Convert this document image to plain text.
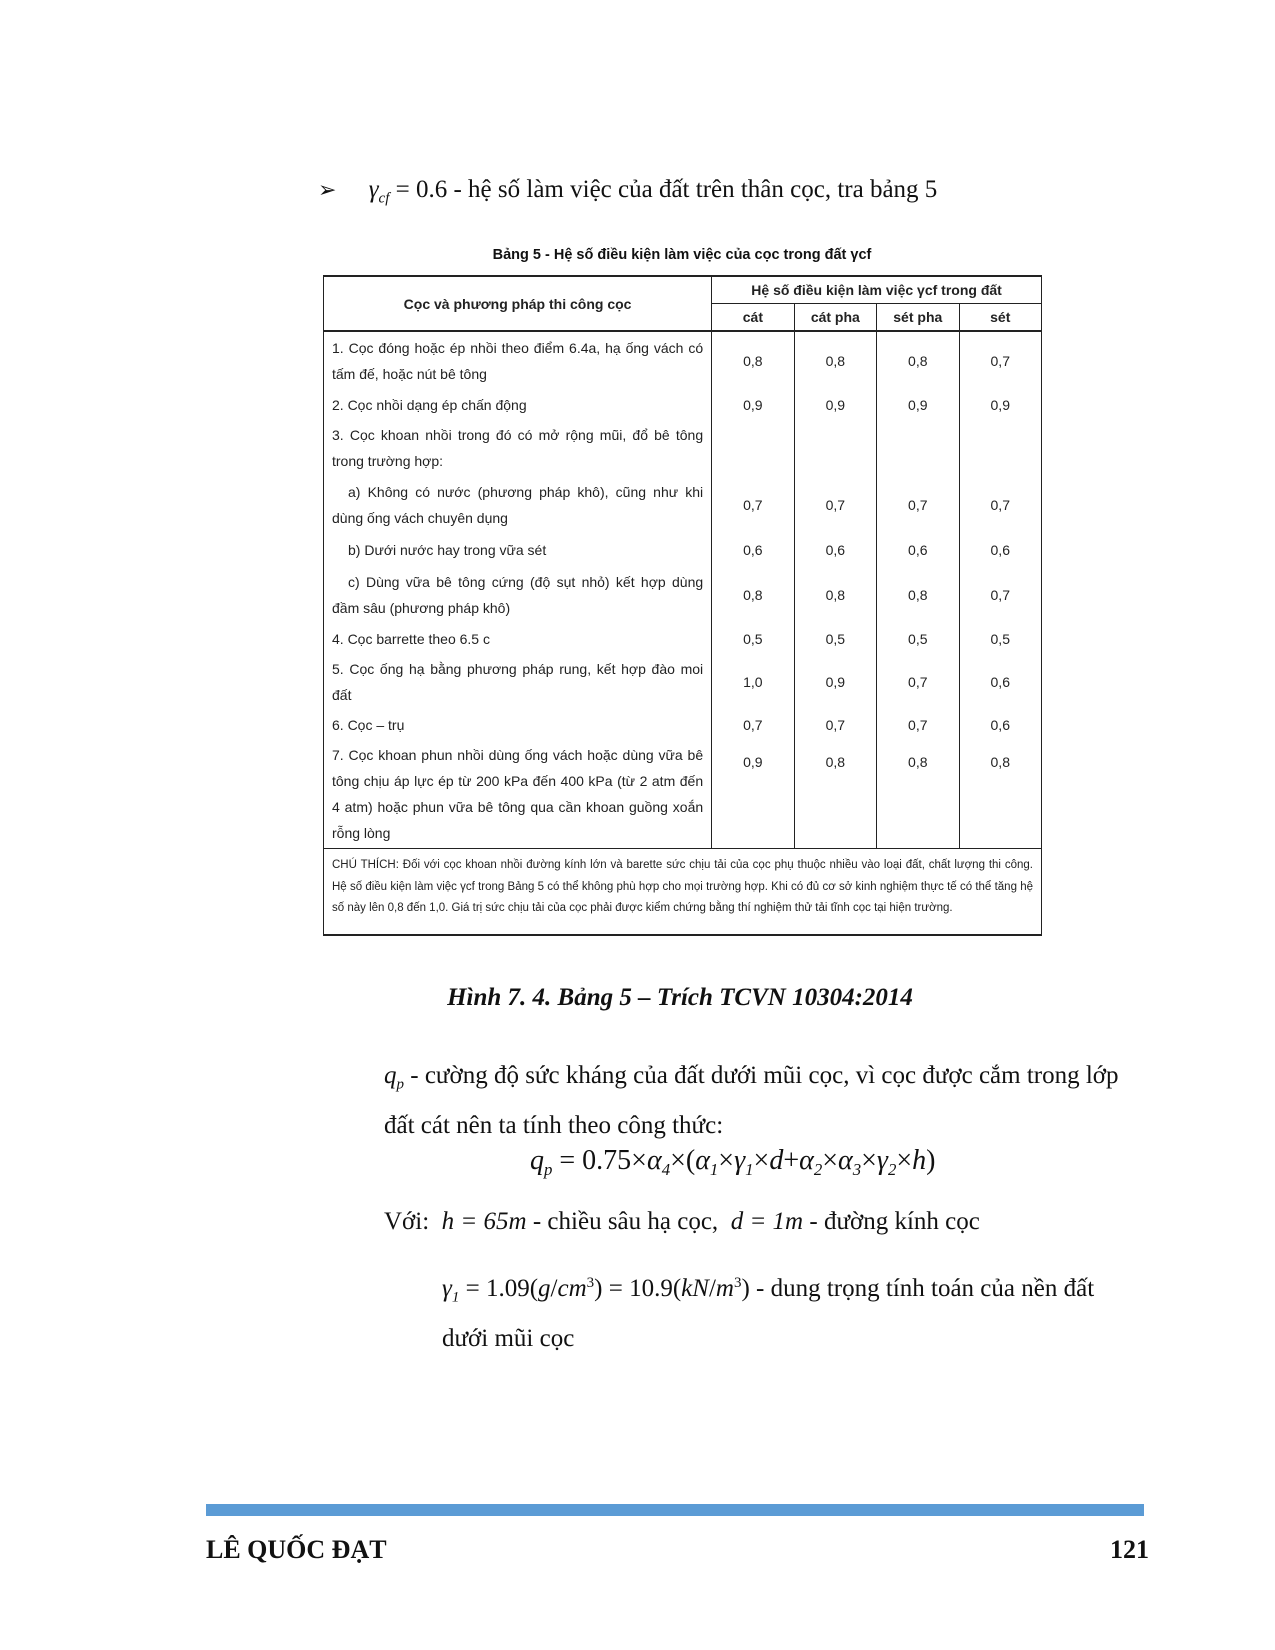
➢ $\gamma_{cf} = 0.6$ - hệ số làm việc của đất trên thân cọc, tra bảng 5
Bảng 5 - Hệ số điều kiện làm việc của cọc trong đất γcf
Cọc và phương pháp thi công cọc	Hệ số điều kiện làm việc γcf trong đất			
	cát	cát pha	sét pha	sét
1. Cọc đóng hoặc ép nhồi theo điểm 6.4a, hạ ống vách có tấm đế, hoặc nút bê tông	0,8	0,8	0,8	0,7
2. Cọc nhồi dạng ép chấn động	0,9	0,9	0,9	0,9
3. Cọc khoan nhồi trong đó có mở rộng mũi, đổ bê tông trong trường hợp:				
a) Không có nước (phương pháp khô), cũng như khi dùng ống vách chuyên dụng	0,7	0,7	0,7	0,7
b) Dưới nước hay trong vữa sét	0,6	0,6	0,6	0,6
c) Dùng vữa bê tông cứng (độ sụt nhỏ) kết hợp dùng đầm sâu (phương pháp khô)	0,8	0,8	0,8	0,7
4. Cọc barrette theo 6.5 c	0,5	0,5	0,5	0,5
5. Cọc ống hạ bằng phương pháp rung, kết hợp đào moi đất	1,0	0,9	0,7	0,6
6. Cọc – trụ	0,7	0,7	0,7	0,6
7. Cọc khoan phun nhồi dùng ống vách hoặc dùng vữa bê tông chịu áp lực ép từ 200 kPa đến 400 kPa (từ 2 atm đến 4 atm) hoặc phun vữa bê tông qua cần khoan guồng xoắn rỗng lòng	0,9	0,8	0,8	0,8
CHÚ THÍCH: Đối với cọc khoan nhồi đường kính lớn và barette sức chịu tải của cọc phụ thuộc nhiều vào loại đất, chất lượng thi công. Hệ số điều kiện làm việc γcf trong Bảng 5 có thể không phù hợp cho mọi trường hợp. Khi có đủ cơ sở kinh nghiệm thực tế có thể tăng hệ số này lên 0,8 đến 1,0. Giá trị sức chịu tải của cọc phải được kiểm chứng bằng thí nghiệm thử tải tĩnh cọc tại hiện trường.				
Hình 7. 4. Bảng 5 – Trích TCVN 10304:2014
$q_p$ - cường độ sức kháng của đất dưới mũi cọc, vì cọc được cắm trong lớp đất cát nên ta tính theo công thức:
$q_p = 0.75\times\alpha_4\times(\alpha_1\times\gamma_1\times d+\alpha_2\times\alpha_3\times\gamma_2\times h)$
Với: h = 65m - chiều sâu hạ cọc, d = 1m - đường kính cọc
$\gamma_1 = 1.09(g/cm^3) = 10.9(kN/m^3)$ - dung trọng tính toán của nền đất dưới mũi cọc
LÊ QUỐC ĐẠT	121
